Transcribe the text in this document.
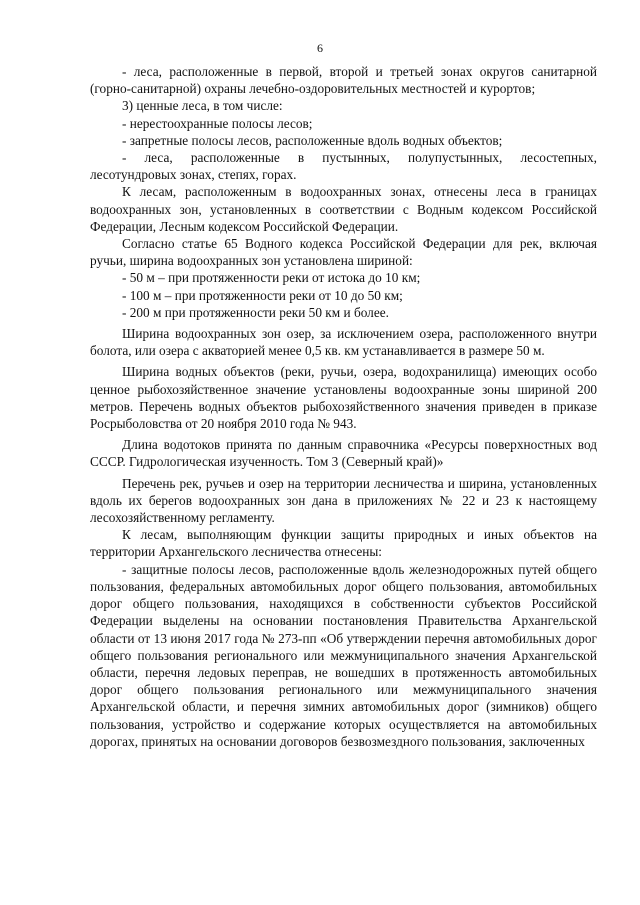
6

- леса, расположенные в первой, второй и третьей зонах округов санитарной (горно-санитарной) охраны лечебно-оздоровительных местностей и курортов;

3) ценные леса, в том числе:

- нерестоохранные полосы лесов;

- запретные полосы лесов, расположенные вдоль водных объектов;

- леса, расположенные в пустынных, полупустынных, лесостепных, лесотундровых зонах, степях, горах.

К лесам, расположенным в водоохранных зонах, отнесены леса в границах водоохранных зон, установленных в соответствии с Водным кодексом Российской Федерации, Лесным кодексом Российской Федерации.

Согласно статье 65 Водного кодекса Российской Федерации для рек, включая ручьи, ширина водоохранных зон установлена шириной:

- 50 м – при протяженности реки от истока до 10 км;

- 100 м – при протяженности реки от 10 до 50 км;

- 200 м при протяженности реки 50 км и более.

Ширина водоохранных зон озер, за исключением озера, расположенного внутри болота, или озера с акваторией менее 0,5 кв. км устанавливается в размере 50 м.

Ширина водных объектов (реки, ручьи, озера, водохранилища) имеющих особо ценное рыбохозяйственное значение установлены водоохранные зоны шириной 200 метров. Перечень водных объектов рыбохозяйственного значения приведен в приказе Росрыболовства от 20 ноября 2010 года № 943.

Длина водотоков принята по данным справочника «Ресурсы поверхностных вод СССР. Гидрологическая изученность. Том 3 (Северный край)»

Перечень рек, ручьев и озер на территории лесничества и ширина, установленных вдоль их берегов водоохранных зон дана в приложениях № 22 и 23 к настоящему лесохозяйственному регламенту.

К лесам, выполняющим функции защиты природных и иных объектов на территории Архангельского лесничества отнесены:

- защитные полосы лесов, расположенные вдоль железнодорожных путей общего пользования, федеральных автомобильных дорог общего пользования, автомобильных дорог общего пользования, находящихся в собственности субъектов Российской Федерации выделены на основании постановления Правительства Архангельской области от 13 июня 2017 года № 273-пп «Об утверждении перечня автомобильных дорог общего пользования регионального или межмуниципального значения Архангельской области, перечня ледовых переправ, не вошедших в протяженность автомобильных дорог общего пользования регионального или межмуниципального значения Архангельской области, и перечня зимних автомобильных дорог (зимников) общего пользования, устройство и содержание которых осуществляется на автомобильных дорогах, принятых на основании договоров безвозмездного пользования, заключенных
